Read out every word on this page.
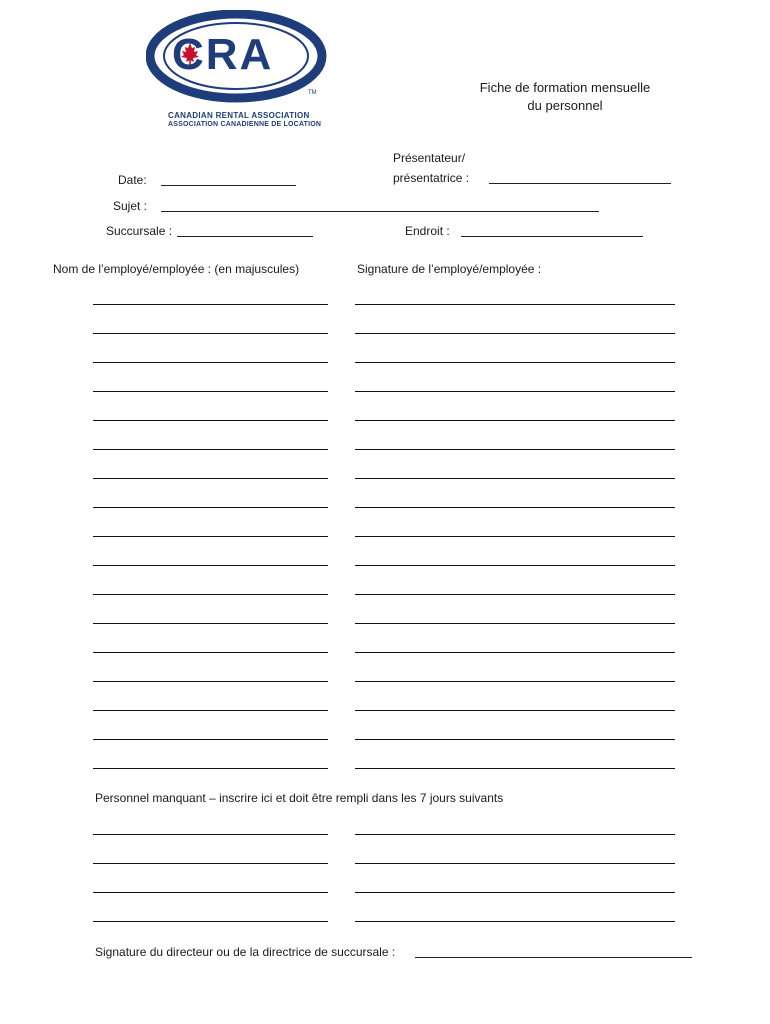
CRA
TM
CANADIAN RENTAL ASSOCIATION
ASSOCIATION CANADIENNE DE LOCATION
Fiche de formation mensuelle
du personnel
Date:
Présentateur/
présentatrice :
Sujet :
Succursale :	Endroit :
Nom de l’employé/employée : (en majuscules)	Signature de l’employé/employée :
Personnel manquant – inscrire ici et doit être rempli dans les 7 jours suivants
Signature du directeur ou de la directrice de succursale :
